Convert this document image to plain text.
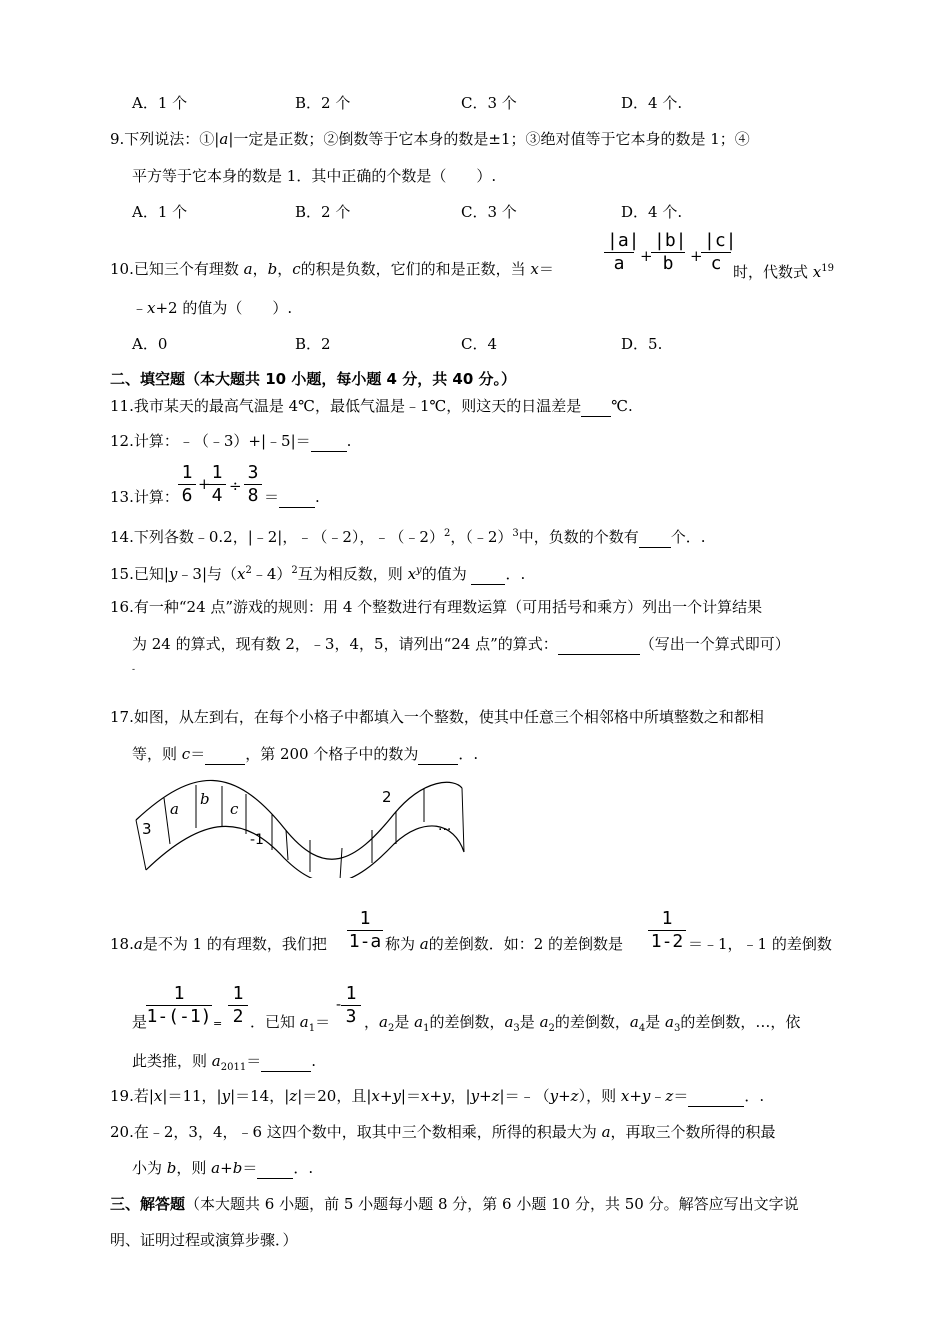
A．1 个	B．2 个	C．3 个	D．4 个.
9.下列说法：①|a|一定是正数；②倒数等于它本身的数是±1；③绝对值等于它本身的数是 1；④
平方等于它本身的数是 1．其中正确的个数是（　　）.
A．1 个	B．2 个	C．3 个	D．4 个.
10.已知三个有理数 a，b，c的积是负数，它们的和是正数，当 x＝	$\frac{|a|}{a}$ +
$\frac{|b|}{b}$ +
$\frac{|c|}{c}$ 时，代数式 $x^{19}$
﹣x+2 的值为（　　）.
A．0	B．2	C．4	D．5.
二、填空题（本大题共 10 小题，每小题 4 分，共 40 分。）
11.我市某天的最高气温是 4℃，最低气温是﹣1℃，则这天的日温差是 ℃.
12.计算：﹣（﹣3）+|﹣5|＝ .
13.计算： $\frac{1}{6}$ +
$\frac{1}{4} \div \frac{3}{8}$ ＝ .
14.下列各数﹣0.2，|﹣2|，﹣（﹣2），﹣（﹣2）$^2$，（﹣2）$^3$中，负数的个数有 个．.
15.已知|y﹣3|与$(x^2﹣4)^2$互为相反数，则 $x^y$的值为  ．.
16.有一种“24 点”游戏的规则：用 4 个整数进行有理数运算（可用括号和乘方）列出一个计算结果
为 24 的算式，现有数 2，﹣3，4，5，请列出“24 点”的算式：	（写出一个算式即可）
-
17.如图，从左到右，在每个小格子中都填入一个整数，使其中任意三个相邻格中所填整数之和都相
等，则 c＝	，第 200 个格子中的数为	．.
3
a
b
c
-1
2
...
18.a是不为 1 的有理数，我们把 $\frac{1}{1-a}$ 称为 a的差倒数．如：2 的差倒数是 $\frac{1}{1-2}$ ＝﹣1，﹣1 的差倒数
是
$\frac{1}{1-(-1)} = \frac{1}{2}$ ．已知 $a_1=$
- $\frac{1}{3}$ ，$a_2$是 $a_1$的差倒数，$a_3$是 $a_2$的差倒数，$a_4$是 $a_3$的差倒数，…，依
此类推，则 $a_{2011}=$	.
19.若|x|＝11，|y|＝14，|z|＝20，且|x+y|＝x+y，|y+z|＝﹣（y+z），则 x+y﹣z＝	．.
20.在﹣2，3，4，﹣6 这四个数中，取其中三个数相乘，所得的积最大为 a，再取三个数所得的积最
小为 b，则 a+b＝ ．.
三、解答题（本大题共 6 小题，前 5 小题每小题 8 分，第 6 小题 10 分，共 50 分。解答应写出文字说
明、证明过程或演算步骤．）
